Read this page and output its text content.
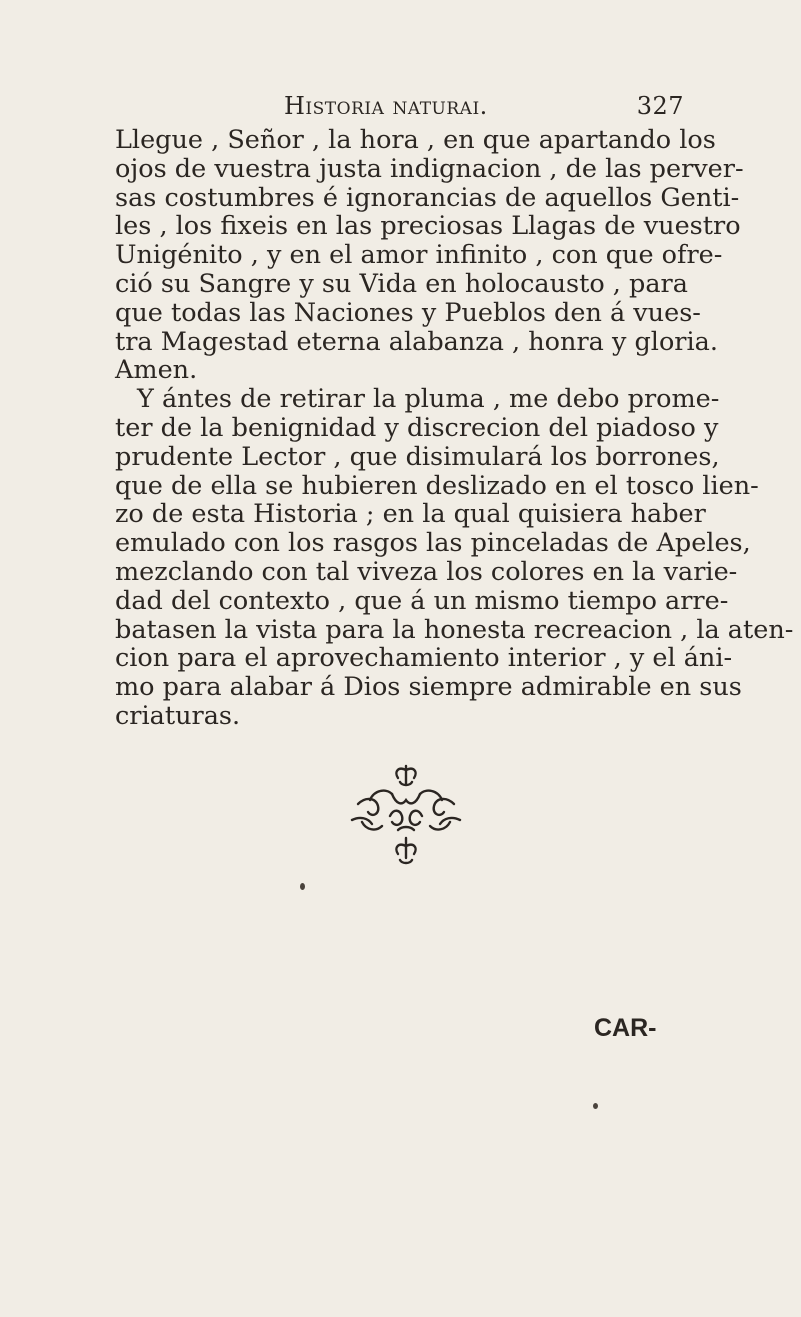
Historia naturai.	327
Llegue , Señor , la hora , en que apartando los
ojos de vuestra justa indignacion , de las perver-
sas costumbres é ignorancias de aquellos Genti-
les , los fixeis en las preciosas Llagas de vuestro
Unigénito , y en el amor infinito , con que ofre-
ció su Sangre y su Vida en holocausto , para
que todas las Naciones y Pueblos den á vues-
tra Magestad eterna alabanza , honra y gloria.
Amen.
Y ántes de retirar la pluma , me debo prome-
ter de la benignidad y discrecion del piadoso y
prudente Lector , que disimulará los borrones,
que de ella se hubieren deslizado en el tosco lien-
zo de esta Historia ; en la qual quisiera haber
emulado con los rasgos las pinceladas de Apeles,
mezclando con tal viveza los colores en la varie-
dad del contexto , que á un mismo tiempo arre-
batasen la vista para la honesta recreacion , la aten-
cion para el aprovechamiento interior , y el áni-
mo para alabar á Dios siempre admirable en sus
criaturas.
CAR-
